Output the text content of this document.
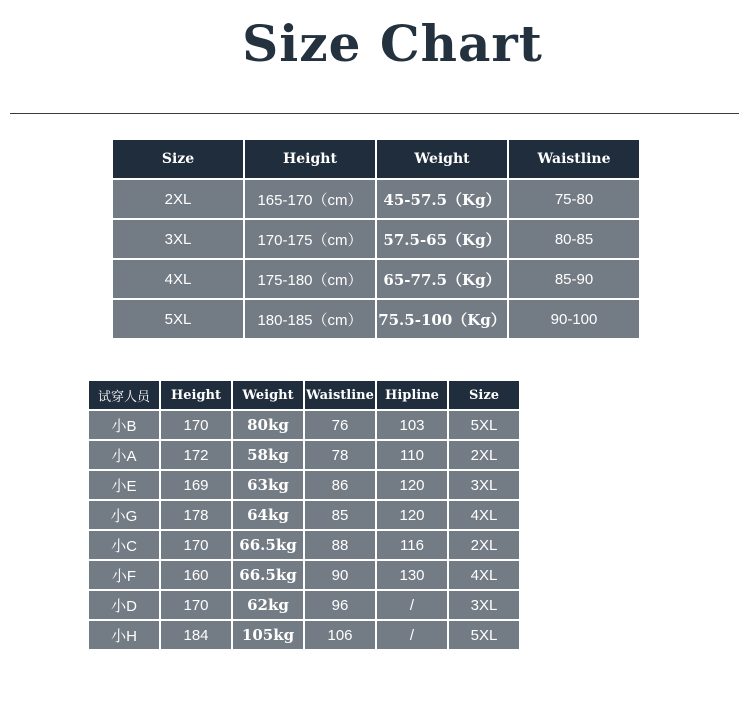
Size Chart
Size	Height	Weight	Waistline
2XL	165-170（cm）	45-57.5（Kg）	75-80
3XL	170-175（cm）	57.5-65（Kg）	80-85
4XL	175-180（cm）	65-77.5（Kg）	85-90
5XL	180-185（cm）	75.5-100（Kg）	90-100
试穿人员	Height	Weight	Waistline	Hipline	Size
小B	170	80kg	76	103	5XL
小A	172	58kg	78	110	2XL
小E	169	63kg	86	120	3XL
小G	178	64kg	85	120	4XL
小C	170	66.5kg	88	116	2XL
小F	160	66.5kg	90	130	4XL
小D	170	62kg	96	/	3XL
小H	184	105kg	106	/	5XL
